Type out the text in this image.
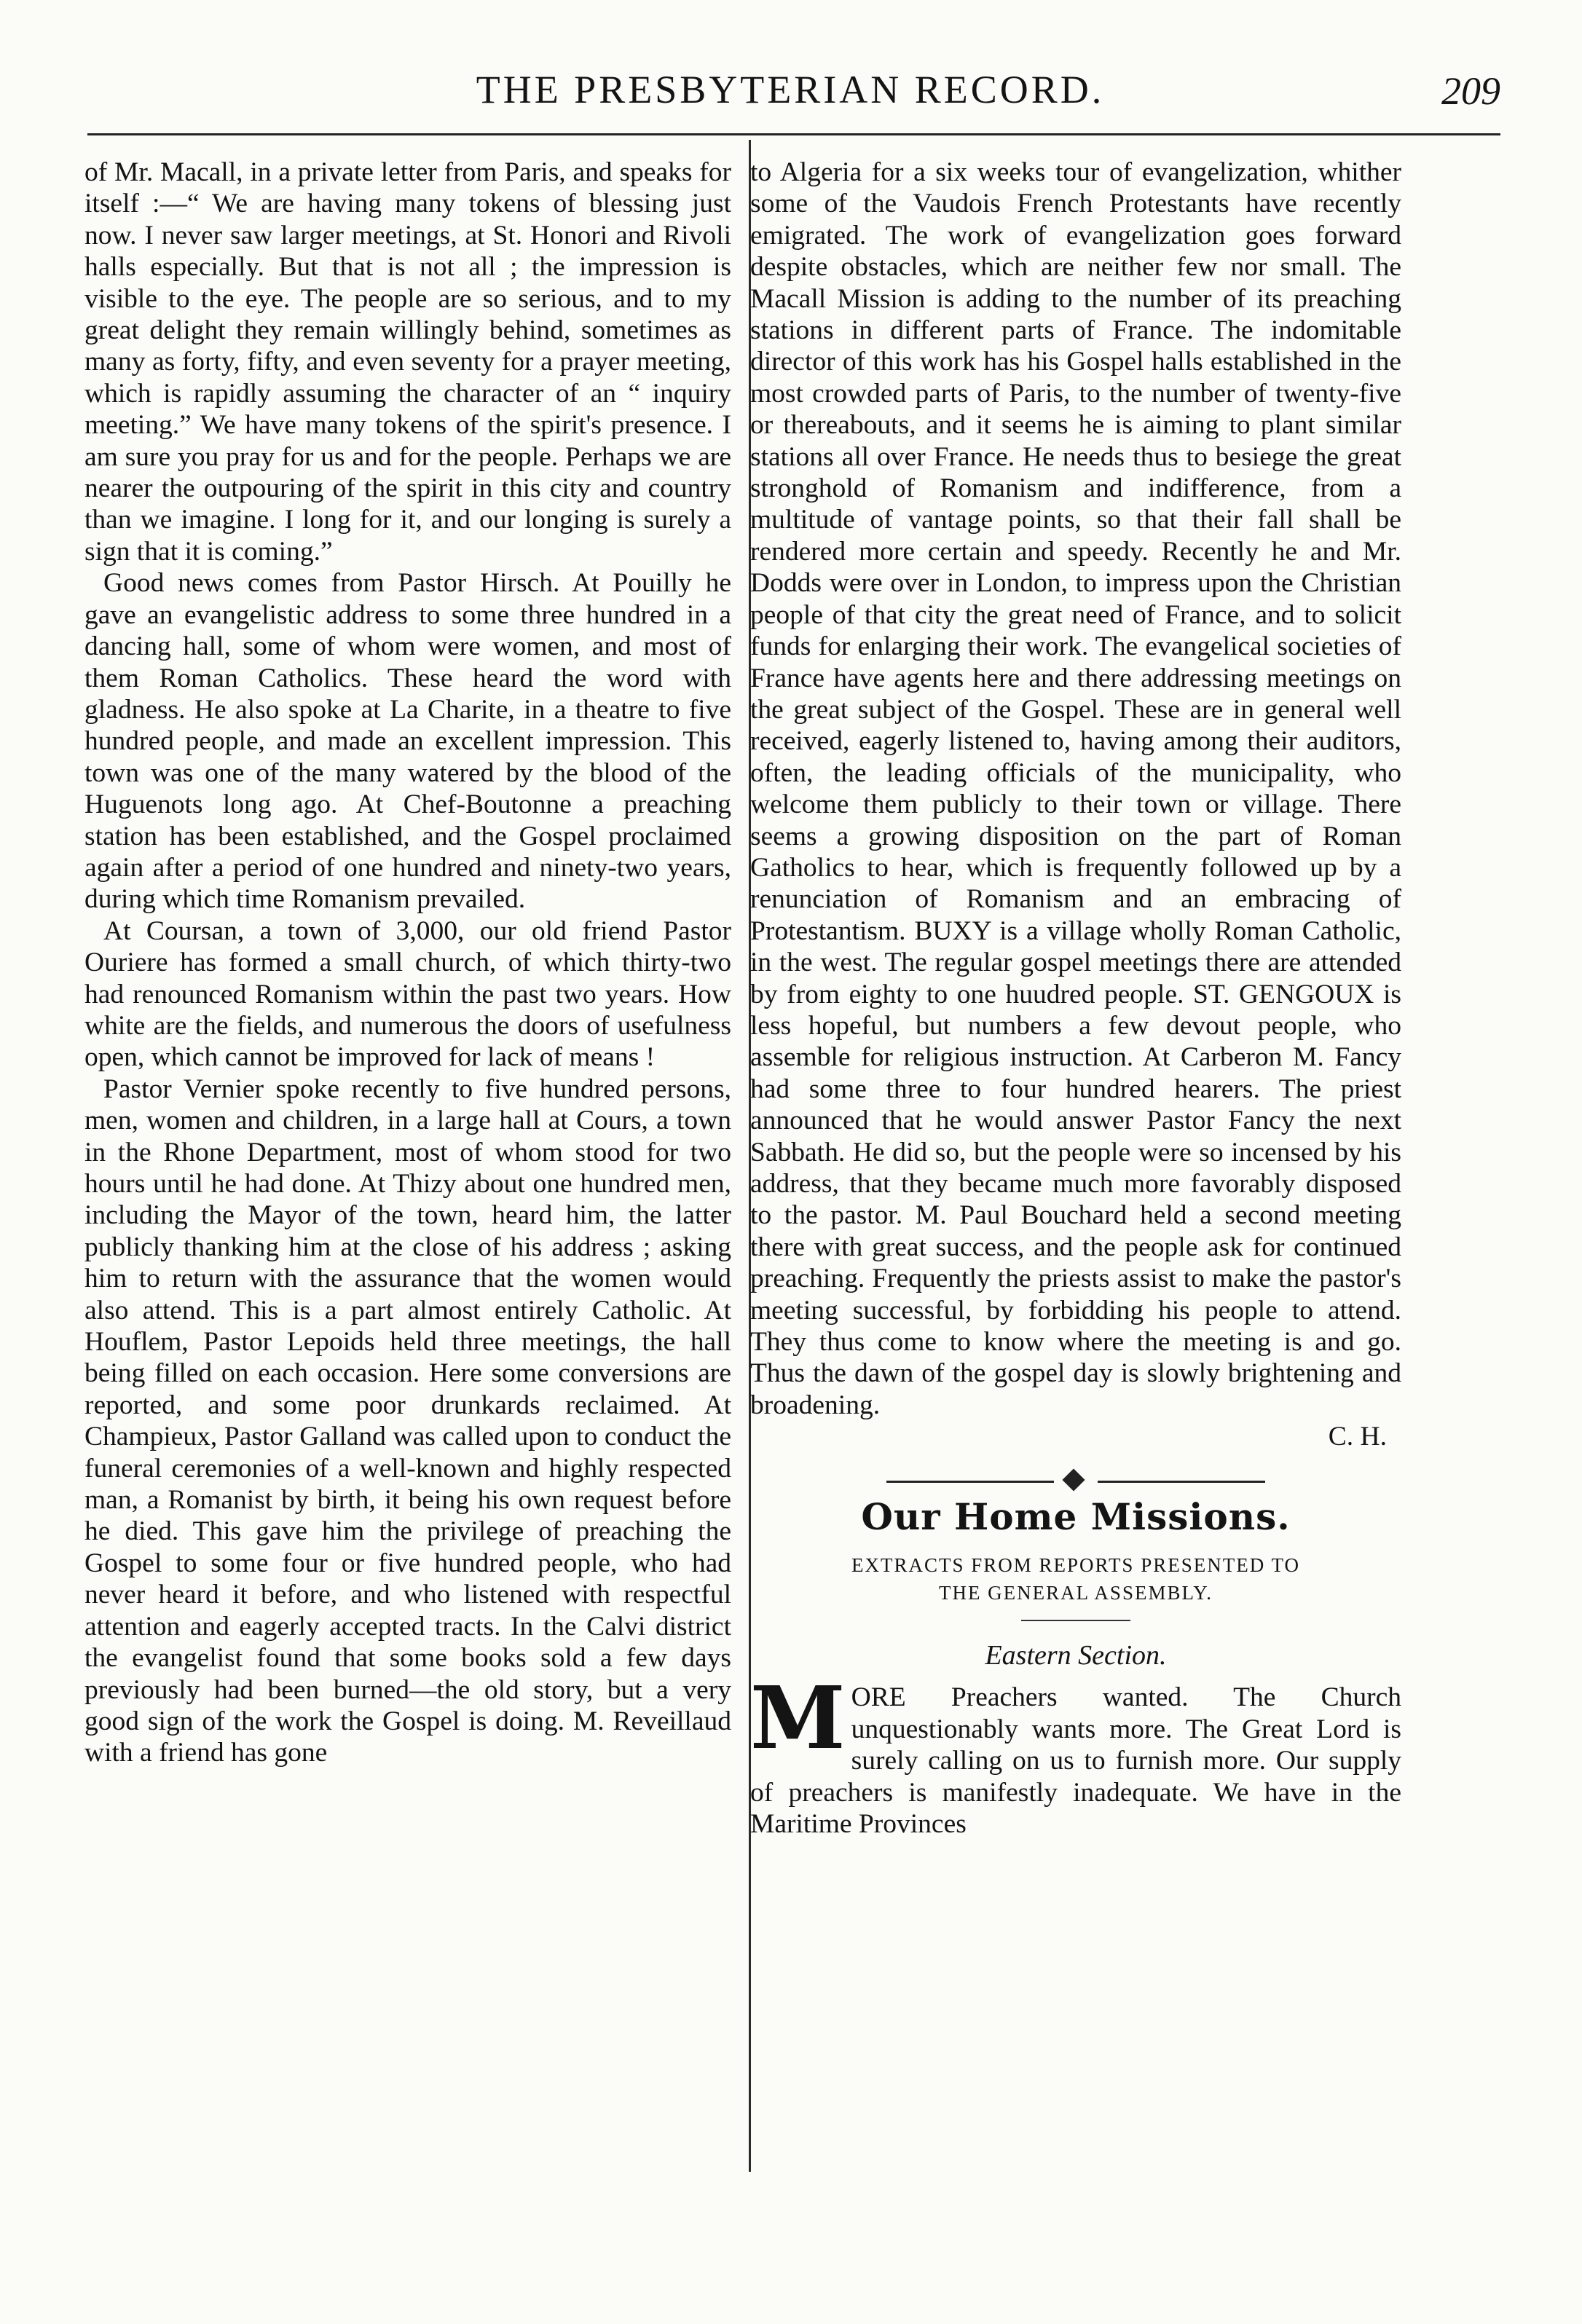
THE PRESBYTERIAN RECORD.	209

of Mr. Macall, in a private letter from Paris, and speaks for itself :—“ We are having many tokens of blessing just now. I never saw larger meetings, at St. Honori and Rivoli halls especially. But that is not all ; the impression is visible to the eye. The people are so serious, and to my great delight they remain willingly behind, sometimes as many as forty, fifty, and even seventy for a prayer meeting, which is rapidly assuming the character of an “ inquiry meeting.” We have many tokens of the spirit's presence. I am sure you pray for us and for the people. Perhaps we are nearer the outpouring of the spirit in this city and country than we imagine. I long for it, and our longing is surely a sign that it is coming.”

Good news comes from Pastor Hirsch. At Pouilly he gave an evangelistic address to some three hundred in a dancing hall, some of whom were women, and most of them Roman Catholics. These heard the word with gladness. He also spoke at La Charite, in a theatre to five hundred people, and made an excellent impression. This town was one of the many watered by the blood of the Huguenots long ago. At Chef-Boutonne a preaching station has been established, and the Gospel proclaimed again after a period of one hundred and ninety-two years, during which time Romanism prevailed.

At Coursan, a town of 3,000, our old friend Pastor Ouriere has formed a small church, of which thirty-two had renounced Romanism within the past two years. How white are the fields, and numerous the doors of usefulness open, which cannot be improved for lack of means !

Pastor Vernier spoke recently to five hundred persons, men, women and children, in a large hall at Cours, a town in the Rhone Department, most of whom stood for two hours until he had done. At Thizy about one hundred men, including the Mayor of the town, heard him, the latter publicly thanking him at the close of his address ; asking him to return with the assurance that the women would also attend. This is a part almost entirely Catholic. At Houflem, Pastor Lepoids held three meetings, the hall being filled on each occasion. Here some conversions are reported, and some poor drunkards reclaimed. At Champieux, Pastor Galland was called upon to conduct the funeral ceremonies of a well-known and highly respected man, a Romanist by birth, it being his own request before he died. This gave him the privilege of preaching the Gospel to some four or five hundred people, who had never heard it before, and who listened with respectful attention and eagerly accepted tracts. In the Calvi district the evangelist found that some books sold a few days previously had been burned—the old story, but a very good sign of the work the Gospel is doing. M. Reveillaud with a friend has gone

to Algeria for a six weeks tour of evangelization, whither some of the Vaudois French Protestants have recently emigrated. The work of evangelization goes forward despite obstacles, which are neither few nor small. The Macall Mission is adding to the number of its preaching stations in different parts of France. The indomitable director of this work has his Gospel halls established in the most crowded parts of Paris, to the number of twenty-five or thereabouts, and it seems he is aiming to plant similar stations all over France. He needs thus to besiege the great stronghold of Romanism and indifference, from a multitude of vantage points, so that their fall shall be rendered more certain and speedy. Recently he and Mr. Dodds were over in London, to impress upon the Christian people of that city the great need of France, and to solicit funds for enlarging their work. The evangelical societies of France have agents here and there addressing meetings on the great subject of the Gospel. These are in general well received, eagerly listened to, having among their auditors, often, the leading officials of the municipality, who welcome them publicly to their town or village. There seems a growing disposition on the part of Roman Gatholics to hear, which is frequently followed up by a renunciation of Romanism and an embracing of Protestantism. BUXY is a village wholly Roman Catholic, in the west. The regular gospel meetings there are attended by from eighty to one huudred people. ST. GENGOUX is less hopeful, but numbers a few devout people, who assemble for religious instruction. At Carberon M. Fancy had some three to four hundred hearers. The priest announced that he would answer Pastor Fancy the next Sabbath. He did so, but the people were so incensed by his address, that they became much more favorably disposed to the pastor. M. Paul Bouchard held a second meeting there with great success, and the people ask for continued preaching. Frequently the priests assist to make the pastor's meeting successful, by forbidding his people to attend. They thus come to know where the meeting is and go. Thus the dawn of the gospel day is slowly brightening and broadening.

C. H.
Our Home Missions.
EXTRACTS FROM REPORTS PRESENTED TO
THE GENERAL ASSEMBLY.
Eastern Section.

MORE Preachers wanted. The Church unquestionably wants more. The Great Lord is surely calling on us to furnish more. Our supply of preachers is manifestly inadequate. We have in the Maritime Provinces
